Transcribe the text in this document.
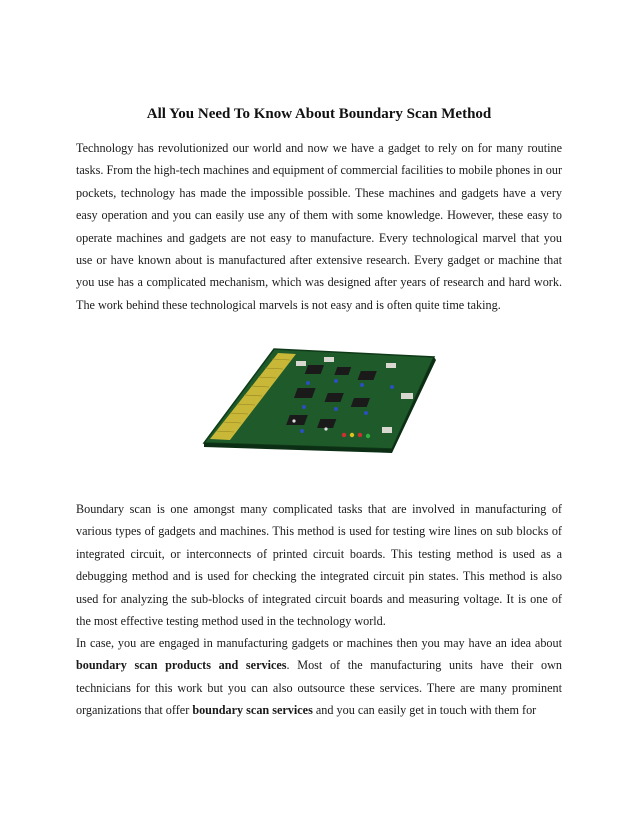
All You Need To Know About Boundary Scan Method

Technology has revolutionized our world and now we have a gadget to rely on for many routine tasks. From the high-tech machines and equipment of commercial facilities to mobile phones in our pockets, technology has made the impossible possible. These machines and gadgets have a very easy operation and you can easily use any of them with some knowledge. However, these easy to operate machines and gadgets are not easy to manufacture. Every technological marvel that you use or have known about is manufactured after extensive research. Every gadget or machine that you use has a complicated mechanism, which was designed after years of research and hard work. The work behind these technological marvels is not easy and is often quite time taking.

Boundary scan is one amongst many complicated tasks that are involved in manufacturing of various types of gadgets and machines. This method is used for testing wire lines on sub blocks of integrated circuit, or interconnects of printed circuit boards. This testing method is used as a debugging method and is used for checking the integrated circuit pin states. This method is also used for analyzing the sub-blocks of integrated circuit boards and measuring voltage. It is one of the most effective testing method used in the technology world.

In case, you are engaged in manufacturing gadgets or machines then you may have an idea about boundary scan products and services. Most of the manufacturing units have their own technicians for this work but you can also outsource these services. There are many prominent organizations that offer boundary scan services and you can easily get in touch with them for
